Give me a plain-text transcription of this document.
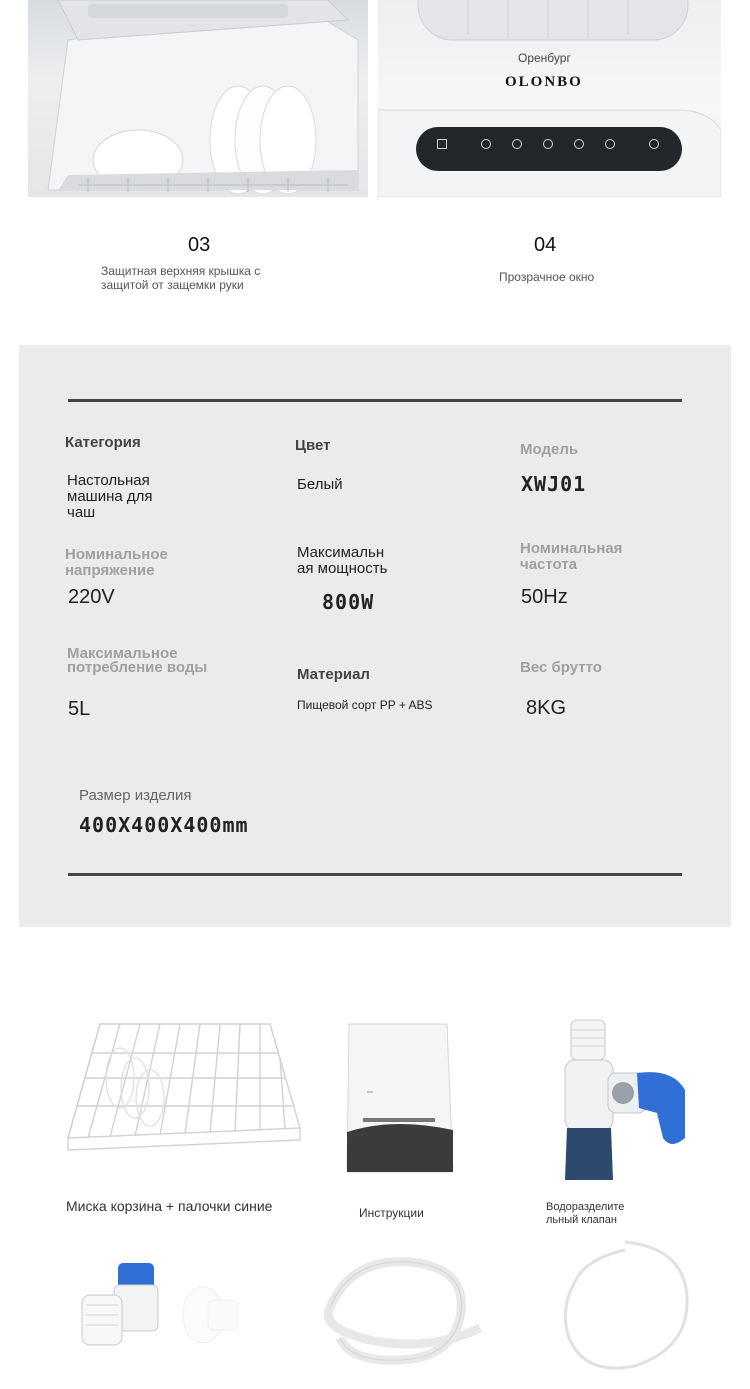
Оренбург
OLONBO

03
Защитная верхняя крышка с
защитой от защемки руки
04
Прозрачное окно
Категория
Настольная
машина для
чаш
Цвет
Белый
Модель
XWJ01
Номинальное
напряжение
220V
Максимальн
ая мощность
800W
Номинальная
частота
50Hz
Максимальное
потребление воды
5L
Материал
Пищевой сорт PP + ABS
Вес брутто
8KG
Размер изделия
400X400X400mm
Миска корзина + палочки синие	Инструкции	Водоразделите
льный клапан
